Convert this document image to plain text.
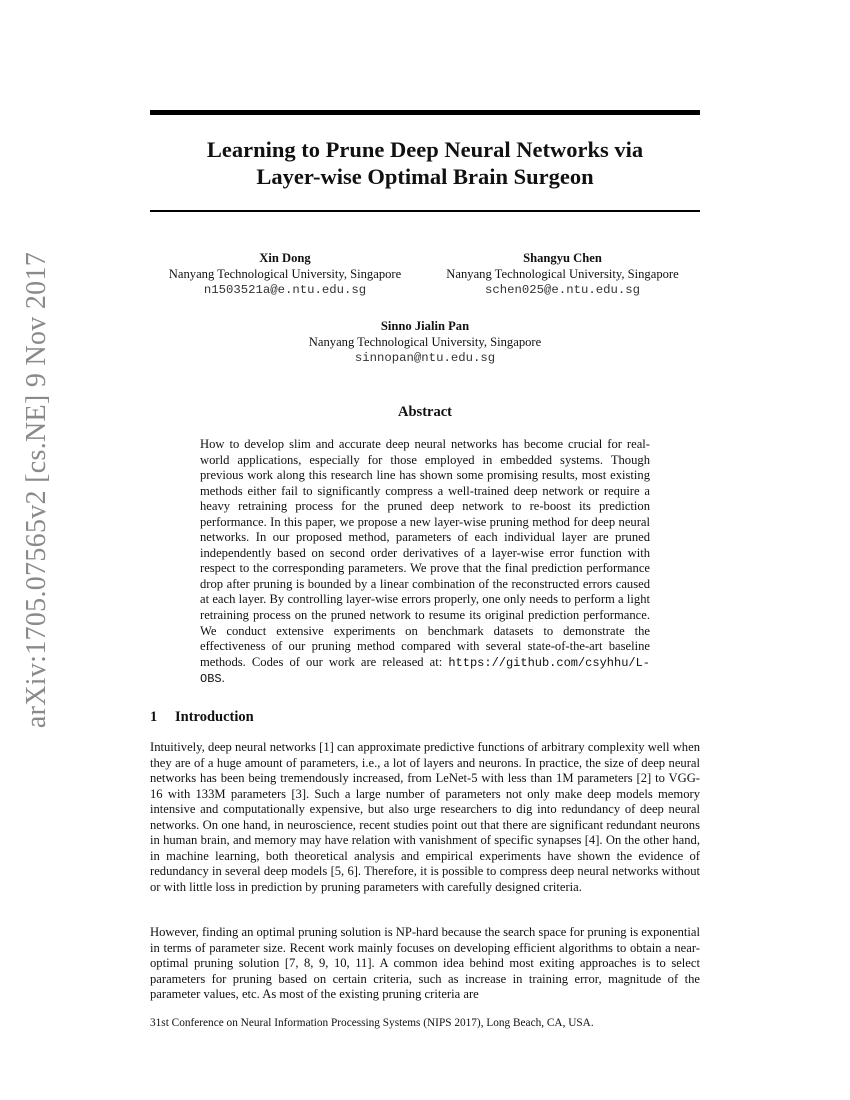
arXiv:1705.07565v2 [cs.NE] 9 Nov 2017
Learning to Prune Deep Neural Networks via
Layer-wise Optimal Brain Surgeon
Xin Dong
Nanyang Technological University, Singapore
n1503521a@e.ntu.edu.sg
Shangyu Chen
Nanyang Technological University, Singapore
schen025@e.ntu.edu.sg
Sinno Jialin Pan
Nanyang Technological University, Singapore
sinnopan@ntu.edu.sg
Abstract
How to develop slim and accurate deep neural networks has become crucial for real-world applications, especially for those employed in embedded systems. Though previous work along this research line has shown some promising results, most existing methods either fail to significantly compress a well-trained deep network or require a heavy retraining process for the pruned deep network to re-boost its prediction performance. In this paper, we propose a new layer-wise pruning method for deep neural networks. In our proposed method, parameters of each individual layer are pruned independently based on second order derivatives of a layer-wise error function with respect to the corresponding parameters. We prove that the final prediction performance drop after pruning is bounded by a linear combination of the reconstructed errors caused at each layer. By controlling layer-wise errors properly, one only needs to perform a light retraining process on the pruned network to resume its original prediction performance. We conduct extensive experiments on benchmark datasets to demonstrate the effectiveness of our pruning method compared with several state-of-the-art baseline methods. Codes of our work are released at: https://github.com/csyhhu/L-OBS.
1 Introduction
Intuitively, deep neural networks [1] can approximate predictive functions of arbitrary complexity well when they are of a huge amount of parameters, i.e., a lot of layers and neurons. In practice, the size of deep neural networks has been being tremendously increased, from LeNet-5 with less than 1M parameters [2] to VGG-16 with 133M parameters [3]. Such a large number of parameters not only make deep models memory intensive and computationally expensive, but also urge researchers to dig into redundancy of deep neural networks. On one hand, in neuroscience, recent studies point out that there are significant redundant neurons in human brain, and memory may have relation with vanishment of specific synapses [4]. On the other hand, in machine learning, both theoretical analysis and empirical experiments have shown the evidence of redundancy in several deep models [5, 6]. Therefore, it is possible to compress deep neural networks without or with little loss in prediction by pruning parameters with carefully designed criteria.
However, finding an optimal pruning solution is NP-hard because the search space for pruning is exponential in terms of parameter size. Recent work mainly focuses on developing efficient algorithms to obtain a near-optimal pruning solution [7, 8, 9, 10, 11]. A common idea behind most exiting approaches is to select parameters for pruning based on certain criteria, such as increase in training error, magnitude of the parameter values, etc. As most of the existing pruning criteria are
31st Conference on Neural Information Processing Systems (NIPS 2017), Long Beach, CA, USA.
